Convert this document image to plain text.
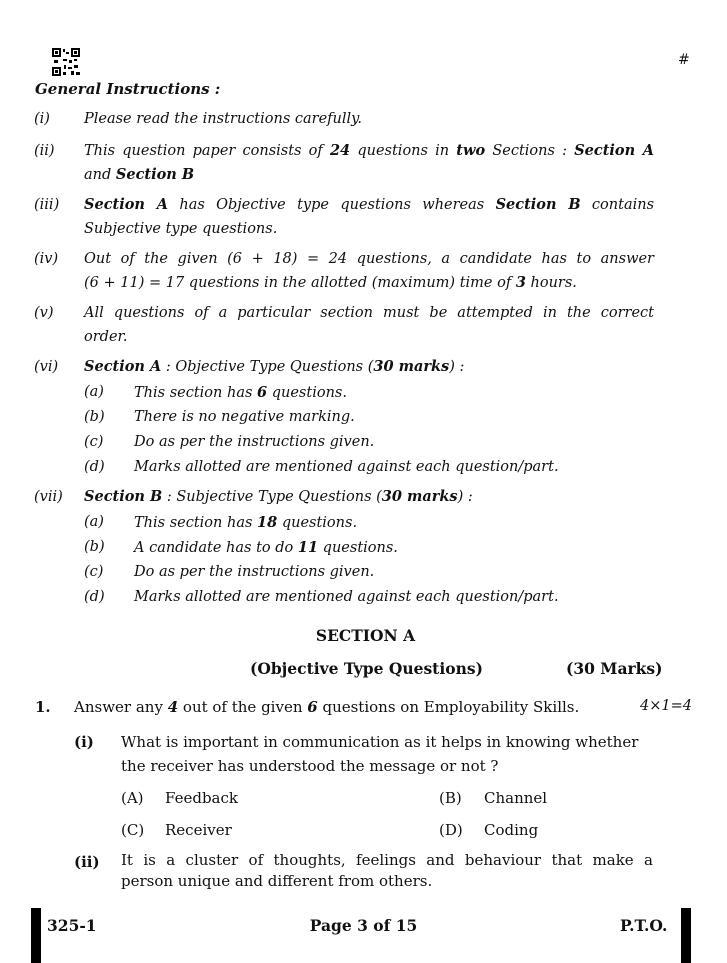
#
General Instructions :
(i)	Please read the instructions carefully.
(ii)	This question paper consists of 24 questions in two Sections : Section A
and Section B
(iii)	Section A has Objective type questions whereas Section B contains
Subjective type questions.
(iv)	Out of the given (6 + 18) = 24 questions, a candidate has to answer
(6 + 11) = 17 questions in the allotted (maximum) time of 3 hours.
(v)	All questions of a particular section must be attempted in the correct
order.
(vi)	Section A : Objective Type Questions (30 marks) :
(a) This section has 6 questions.
(b) There is no negative marking.
(c) Do as per the instructions given.
(d) Marks allotted are mentioned against each question/part.
(vii)	Section B : Subjective Type Questions (30 marks) :
(a) This section has 18 questions.
(b) A candidate has to do 11 questions.
(c) Do as per the instructions given.
(d) Marks allotted are mentioned against each question/part.
SECTION A
(Objective Type Questions)	(30 Marks)
1. Answer any 4 out of the given 6 questions on Employability Skills.	4×1=4
(i) What is important in communication as it helps in knowing whether
the receiver has understood the message or not ?
(A) Feedback	(B) Channel
(C) Receiver	(D) Coding
(ii) It is a cluster of thoughts, feelings and behaviour that make a
person unique and different from others.
325-1	Page 3 of 15	P.T.O.
